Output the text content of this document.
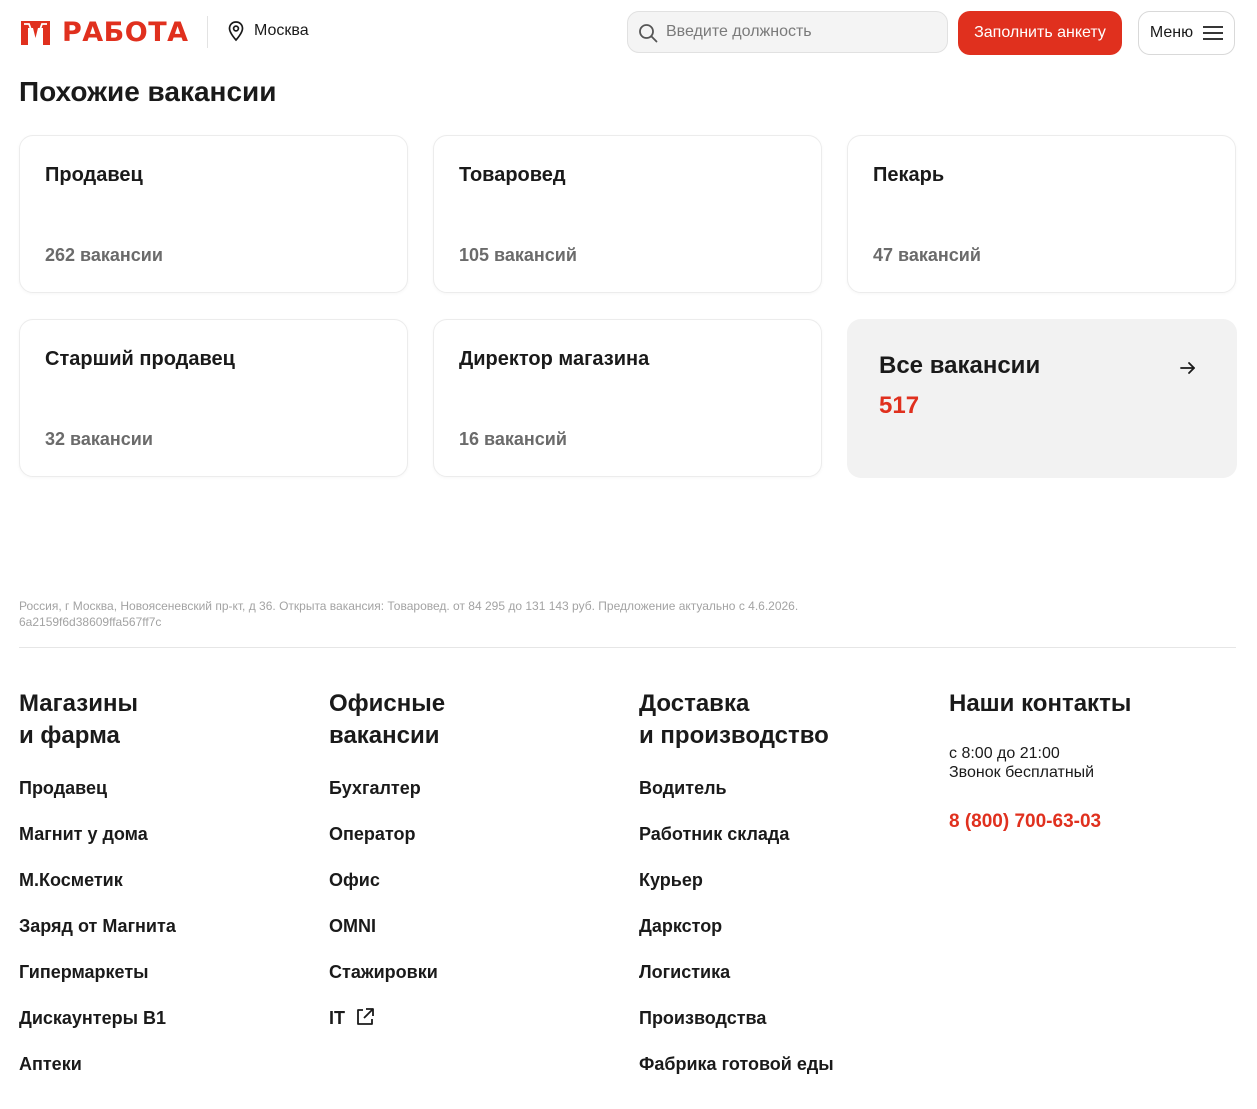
РАБОТА	Москва
Введите должность	Заполнить анкету	Меню
Похожие вакансии
Продавец
262 вакансии
Товаровед
105 вакансий
Пекарь
47 вакансий
Старший продавец
32 вакансии
Директор магазина
16 вакансий
Все вакансии
517
Россия, г Москва, Новоясеневский пр-кт, д 36. Открыта вакансия: Товаровед. от 84 295 до 131 143 руб. Предложение актуально с 4.6.2026.
6a2159f6d38609ffa567ff7c
Магазины
и фарма
Продавец
Магнит у дома
М.Косметик
Заряд от Магнита
Гипермаркеты
Дискаунтеры В1
Аптеки
Офисные
вакансии
Бухгалтер
Оператор
Офис
OMNI
Стажировки
IT
Доставка
и производство
Водитель
Работник склада
Курьер
Даркстор
Логистика
Производства
Фабрика готовой еды
Наши контакты
с 8:00 до 21:00
Звонок бесплатный
8 (800) 700-63-03
